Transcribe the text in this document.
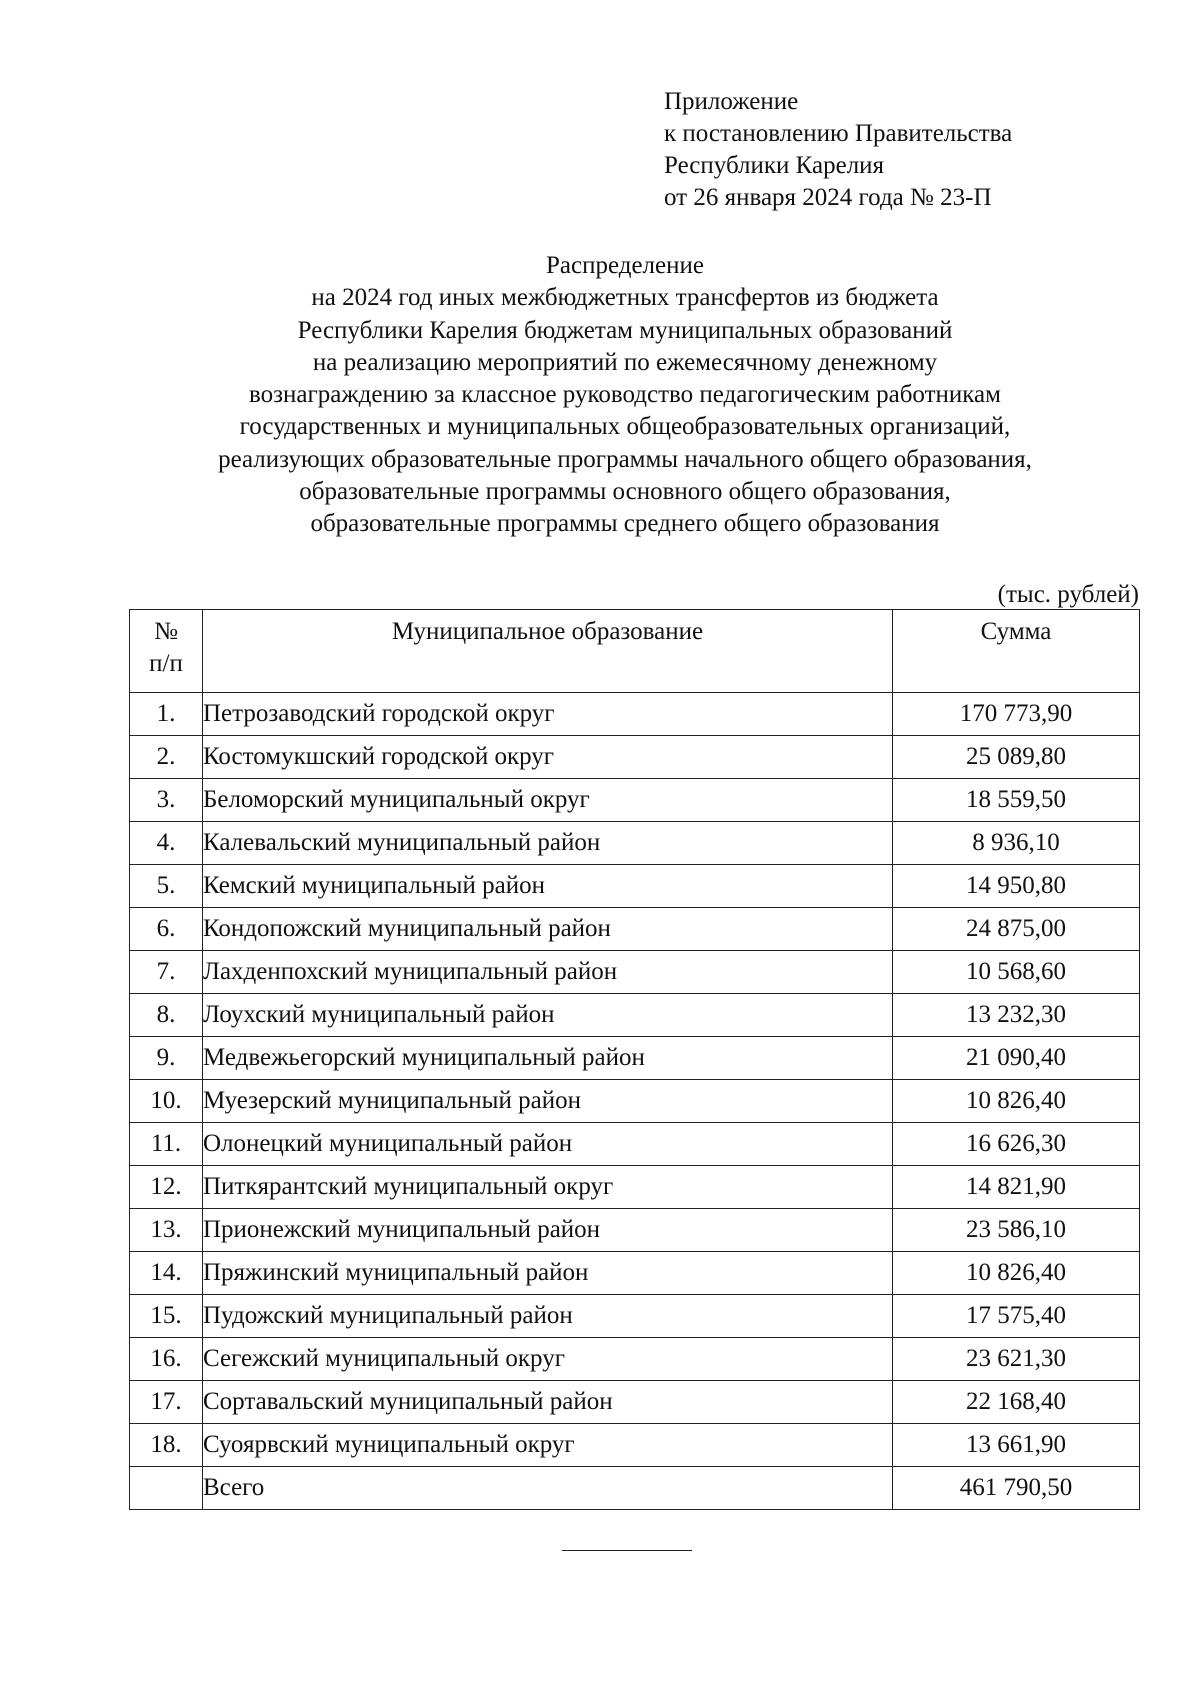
Приложение
к постановлению Правительства
Республики Карелия
от 26 января 2024 года № 23-П
Распределение
на 2024 год иных межбюджетных трансфертов из бюджета
Республики Карелия бюджетам муниципальных образований
на реализацию мероприятий по ежемесячному денежному
вознаграждению за классное руководство педагогическим работникам
государственных и муниципальных общеобразовательных организаций,
реализующих образовательные программы начального общего образования,
образовательные программы основного общего образования,
образовательные программы среднего общего образования
(тыс. рублей)
№
п/п	Муниципальное образование	Сумма
1.	Петрозаводский городской округ	170 773,90
2.	Костомукшский городской округ	25 089,80
3.	Беломорский муниципальный округ	18 559,50
4.	Калевальский муниципальный район	8 936,10
5.	Кемский муниципальный район	14 950,80
6.	Кондопожский муниципальный район	24 875,00
7.	Лахденпохский муниципальный район	10 568,60
8.	Лоухский муниципальный район	13 232,30
9.	Медвежьегорский муниципальный район	21 090,40
10.	Муезерский муниципальный район	10 826,40
11.	Олонецкий муниципальный район	16 626,30
12.	Питкярантский муниципальный округ	14 821,90
13.	Прионежский муниципальный район	23 586,10
14.	Пряжинский муниципальный район	10 826,40
15.	Пудожский муниципальный район	17 575,40
16.	Сегежский муниципальный округ	23 621,30
17.	Сортавальский муниципальный район	22 168,40
18.	Суоярвский муниципальный округ	13 661,90
	Всего	461 790,50
